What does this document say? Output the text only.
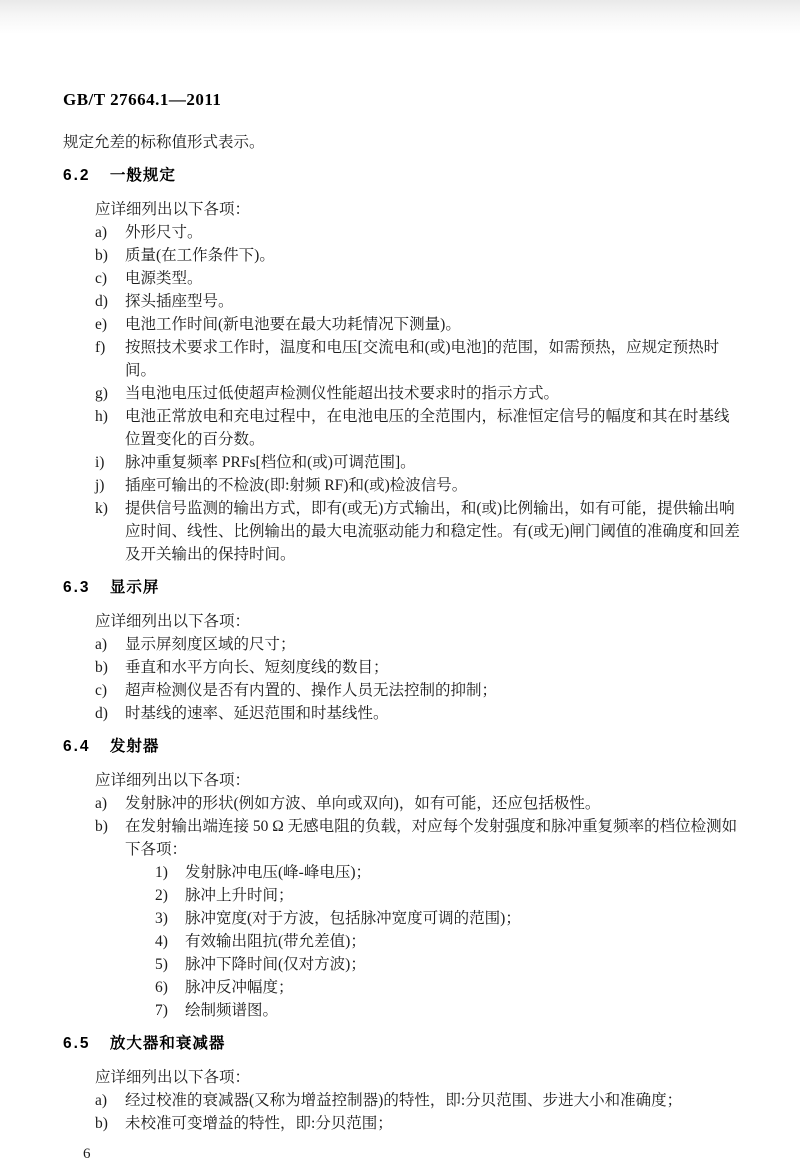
GB/T 27664.1—2011

规定允差的标称值形式表示。

6.2 一般规定

应详细列出以下各项：

a)	外形尺寸。
b)	质量(在工作条件下)。
c)	电源类型。
d)	探头插座型号。
e)	电池工作时间(新电池要在最大功耗情况下测量)。
f)	按照技术要求工作时，温度和电压[交流电和(或)电池]的范围，如需预热，应规定预热时间。
g)	当电池电压过低使超声检测仪性能超出技术要求时的指示方式。
h)	电池正常放电和充电过程中，在电池电压的全范围内，标准恒定信号的幅度和其在时基线位置变化的百分数。
i)	脉冲重复频率 PRFs[档位和(或)可调范围]。
j)	插座可输出的不检波(即:射频 RF)和(或)检波信号。
k)	提供信号监测的输出方式，即有(或无)方式输出，和(或)比例输出，如有可能，提供输出响应时间、线性、比例输出的最大电流驱动能力和稳定性。有(或无)闸门阈值的准确度和回差及开关输出的保持时间。
6.3 显示屏

应详细列出以下各项：

a)	显示屏刻度区域的尺寸；
b)	垂直和水平方向长、短刻度线的数目；
c)	超声检测仪是否有内置的、操作人员无法控制的抑制；
d)	时基线的速率、延迟范围和时基线性。
6.4 发射器

应详细列出以下各项：

a)	发射脉冲的形状(例如方波、单向或双向)，如有可能，还应包括极性。
b)	在发射输出端连接 50 Ω 无感电阻的负载，对应每个发射强度和脉冲重复频率的档位检测如下各项：
1)	发射脉冲电压(峰-峰电压)；
2)	脉冲上升时间；
3)	脉冲宽度(对于方波，包括脉冲宽度可调的范围)；
4)	有效输出阻抗(带允差值)；
5)	脉冲下降时间(仅对方波)；
6)	脉冲反冲幅度；
7)	绘制频谱图。
6.5 放大器和衰减器

应详细列出以下各项：

a)	经过校准的衰减器(又称为增益控制器)的特性，即:分贝范围、步进大小和准确度；
b)	未校准可变增益的特性，即:分贝范围；
6
